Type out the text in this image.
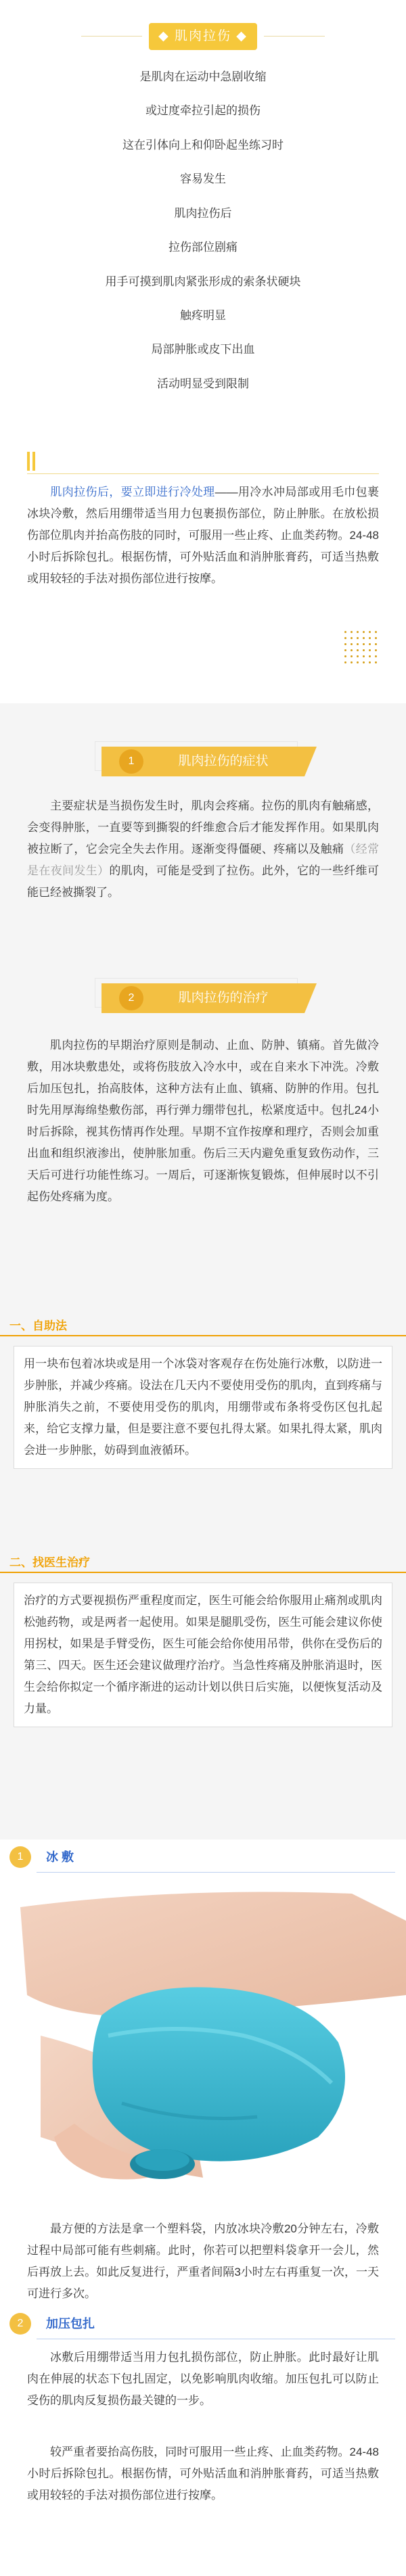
◆ 肌肉拉伤 ◆
是肌肉在运动中急剧收缩
或过度牵拉引起的损伤
这在引体向上和仰卧起坐练习时
容易发生
肌肉拉伤后
拉伤部位剧痛
用手可摸到肌肉紧张形成的索条状硬块
触疼明显
局部肿胀或皮下出血
活动明显受到限制
  肌肉拉伤后，要立即进行冷处理——用冷水冲局部或用毛巾包裹冰块冷敷，然后用绷带适当用力包裹损伤部位，防止肿胀。在放松损伤部位肌肉并抬高伤肢的同时，可服用一些止疼、止血类药物。24-48小时后拆除包扎。根据伤情，可外贴活血和消肿胀膏药，可适当热敷或用较轻的手法对损伤部位进行按摩。
1	肌肉拉伤的症状
主要症状是当损伤发生时，肌肉会疼痛。拉伤的肌肉有触痛感，会变得肿胀，一直要等到撕裂的纤维愈合后才能发挥作用。如果肌肉被拉断了，它会完全失去作用。逐渐变得僵硬、疼痛以及触痛（经常是在夜间发生）的肌肉，可能是受到了拉伤。此外，它的一些纤维可能已经被撕裂了。
2	肌肉拉伤的治疗
肌肉拉伤的早期治疗原则是制动、止血、防肿、镇痛。首先做冷敷，用冰块敷患处，或将伤肢放入冷水中，或在自来水下冲洗。冷敷后加压包扎，抬高肢体，这种方法有止血、镇痛、防肿的作用。包扎时先用厚海绵垫敷伤部，再行弹力绷带包扎，松紧度适中。包扎24小时后拆除，视其伤情再作处理。早期不宜作按摩和理疗，否则会加重出血和组织液渗出，使肿胀加重。伤后三天内避免重复致伤动作，三天后可进行功能性练习。一周后，可逐渐恢复锻炼，但伸展时以不引起伤处疼痛为度。
一、自助法
用一块布包着冰块或是用一个冰袋对客观存在伤处施行冰敷，以防进一步肿胀，并减少疼痛。设法在几天内不要使用受伤的肌肉，直到疼痛与肿胀消失之前，不要使用受伤的肌肉，用绷带或布条将受伤区包扎起来，给它支撑力量，但是要注意不要包扎得太紧。如果扎得太紧，肌肉会进一步肿胀，妨碍到血液循环。
二、找医生治疗
治疗的方式要视损伤严重程度而定，医生可能会给你服用止痛剂或肌肉松弛药物，或是两者一起使用。如果是腿肌受伤，医生可能会建议你使用拐杖，如果是手臂受伤，医生可能会给你使用吊带，供你在受伤后的第三、四天。医生还会建议做理疗治疗。当急性疼痛及肿胀消退时，医生会给你拟定一个循序渐进的运动计划以供日后实施，以便恢复活动及力量。
1	冰 敷
最方便的方法是拿一个塑料袋，内放冰块冷敷20分钟左右，冷敷过程中局部可能有些刺痛。此时，你若可以把塑料袋拿开一会儿，然后再放上去。如此反复进行，严重者间隔3小时左右再重复一次，一天可进行多次。
2	加压包扎
冰敷后用绷带适当用力包扎损伤部位，防止肿胀。此时最好让肌肉在伸展的状态下包扎固定，以免影响肌肉收缩。加压包扎可以防止受伤的肌肉反复损伤最关键的一步。
较严重者要抬高伤肢，同时可服用一些止疼、止血类药物。24-48小时后拆除包扎。根据伤情，可外贴活血和消肿胀膏药，可适当热敷或用较轻的手法对损伤部位进行按摩。
